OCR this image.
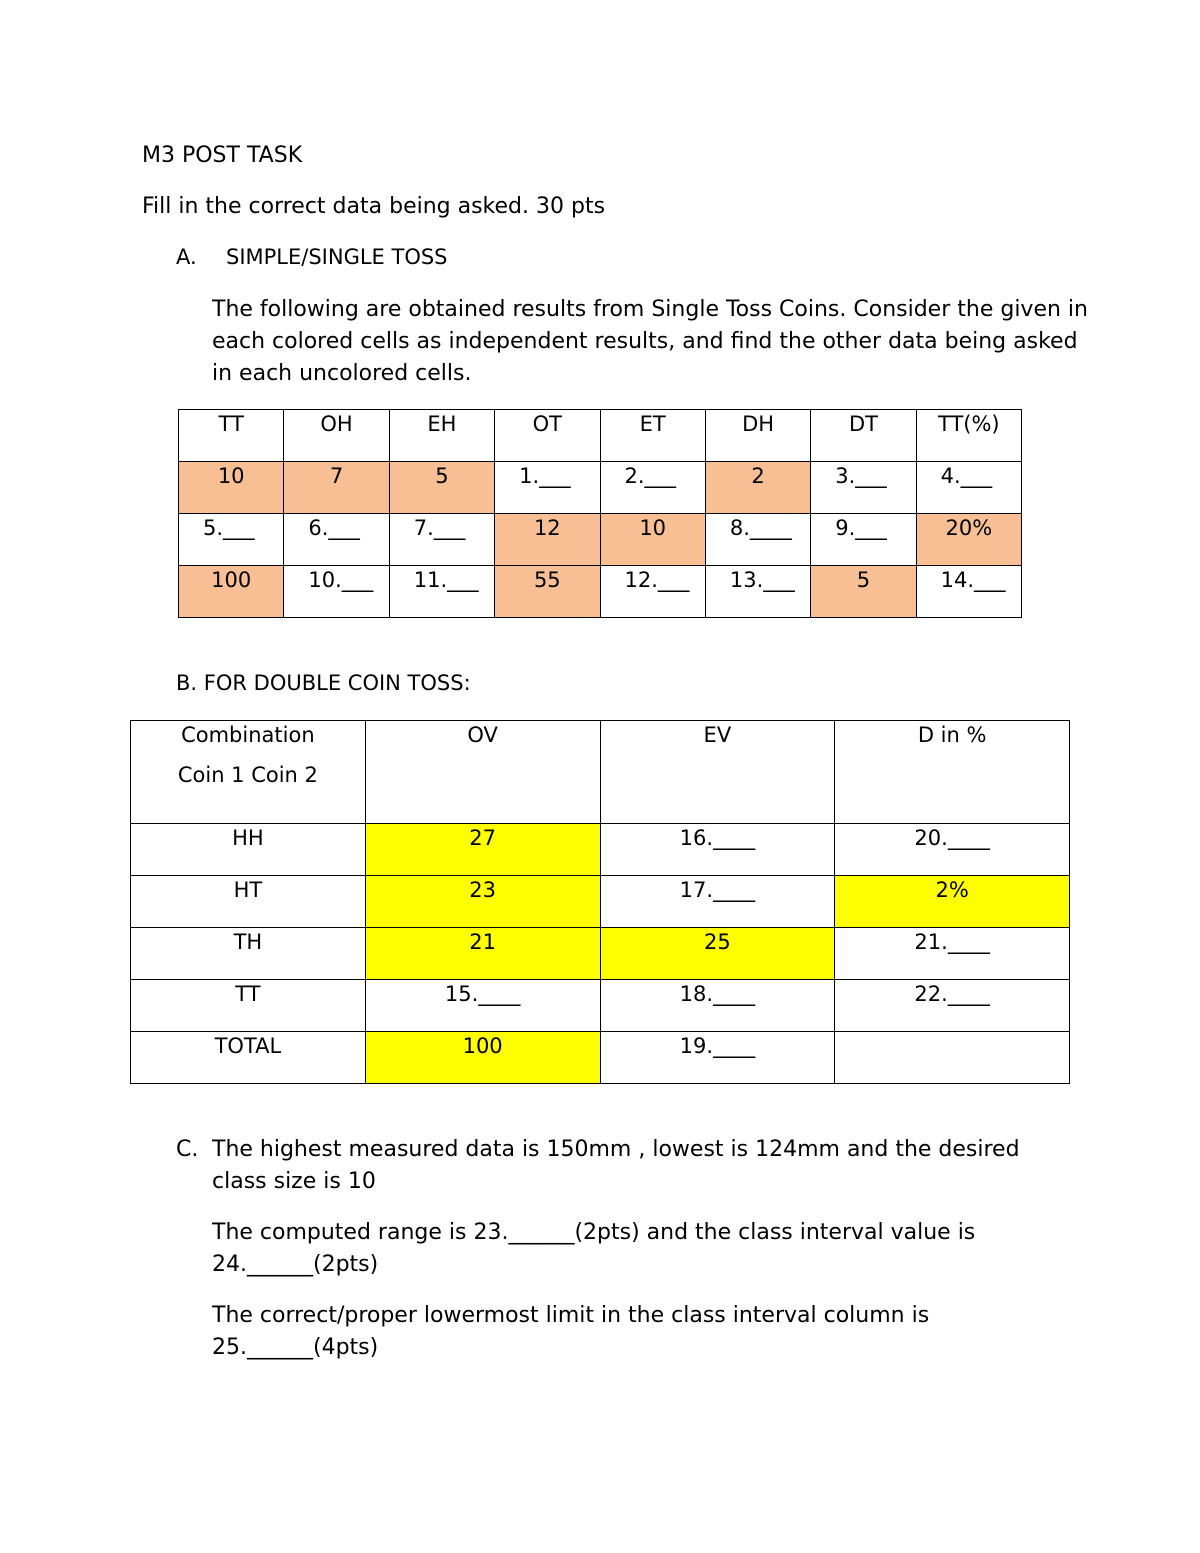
M3 POST TASK
Fill in the correct data being asked. 30 pts
A. SIMPLE/SINGLE TOSS
The following are obtained results from Single Toss Coins. Consider the given in each colored cells as independent results, and find the other data being asked in each uncolored cells.
TT	OH	EH	OT	ET	DH	DT	TT(%)

10	7	5	1.___	2.___	2	3.___	4.___

5.___	6.___	7.___	12	10	8.____	9.___	20%

100	10.___	11.___	55	12.___	13.___	5	14.___
B. FOR DOUBLE COIN TOSS:
Combination
Coin 1 Coin 2	OV	EV	D in %

HH	27	16.____	20.____

HT	23	17.____	2%

TH	21	25	21.____

TT	15.____	18.____	22.____

TOTAL	100	19.____	

C. The highest measured data is 150mm , lowest is 124mm and the desired class size is 10
The computed range is 23.______(2pts) and the class interval value is 24.______(2pts)
The correct/proper lowermost limit in the class interval column is 25.______(4pts)
